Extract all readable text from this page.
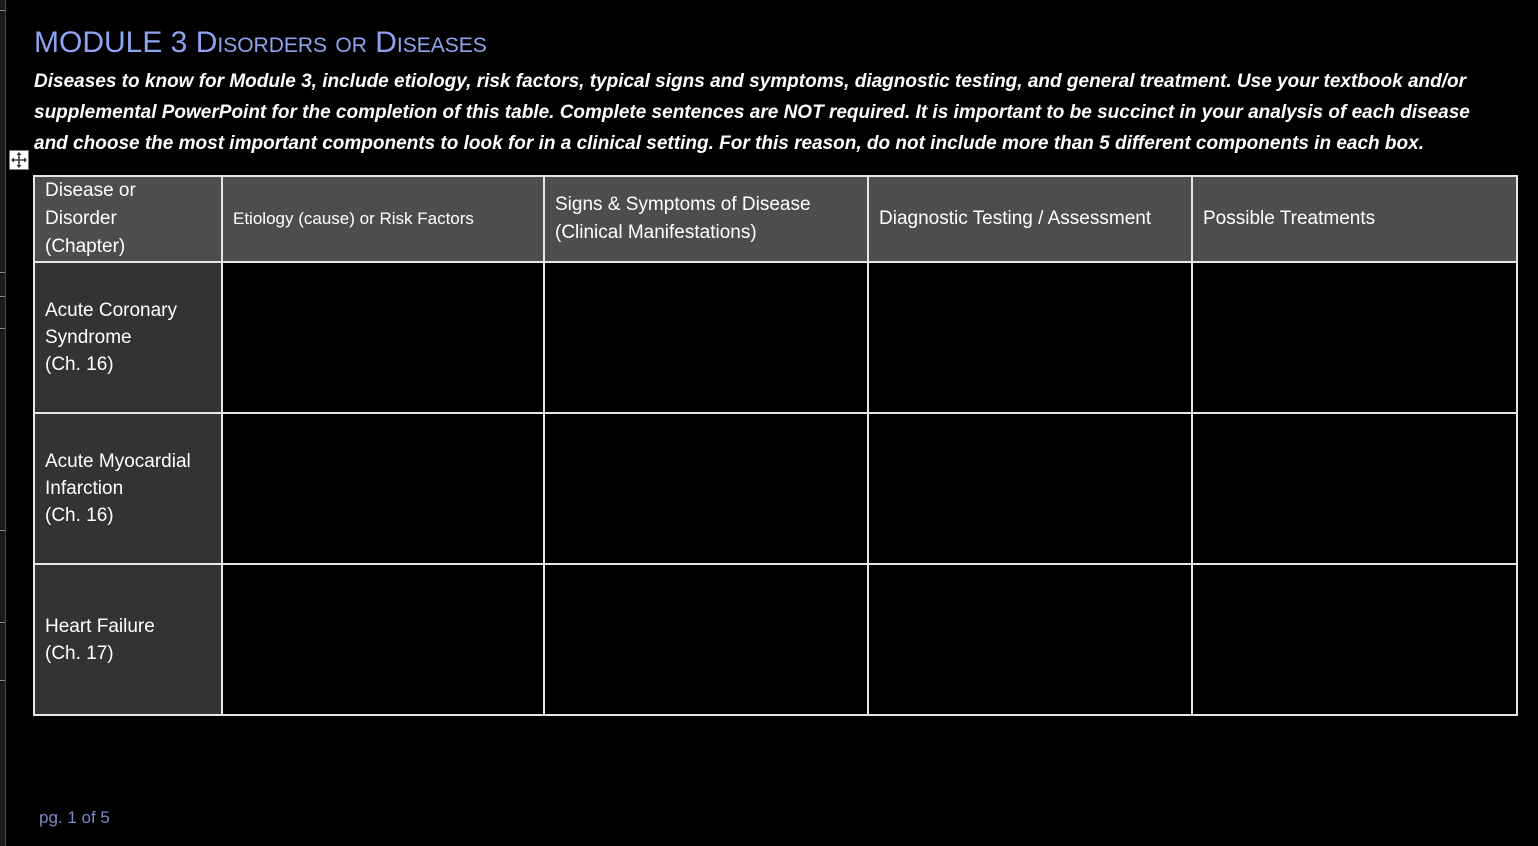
MODULE 3 Disorders or Diseases

Diseases to know for Module 3, include etiology, risk factors, typical signs and symptoms, diagnostic testing, and general treatment. Use your textbook and/or
supplemental PowerPoint for the completion of this table. Complete sentences are NOT required. It is important to be succinct in your analysis of each disease
and choose the most important components to look for in a clinical setting. For this reason, do not include more than 5 different components in each box.

Disease or
Disorder
(Chapter)	Etiology (cause) or Risk Factors	Signs & Symptoms of Disease
(Clinical Manifestations)	Diagnostic Testing / Assessment	Possible Treatments

Acute Coronary
Syndrome
(Ch. 16)				

Acute Myocardial
Infarction
(Ch. 16)				

Heart Failure
(Ch. 17)				

pg. 1 of 5
